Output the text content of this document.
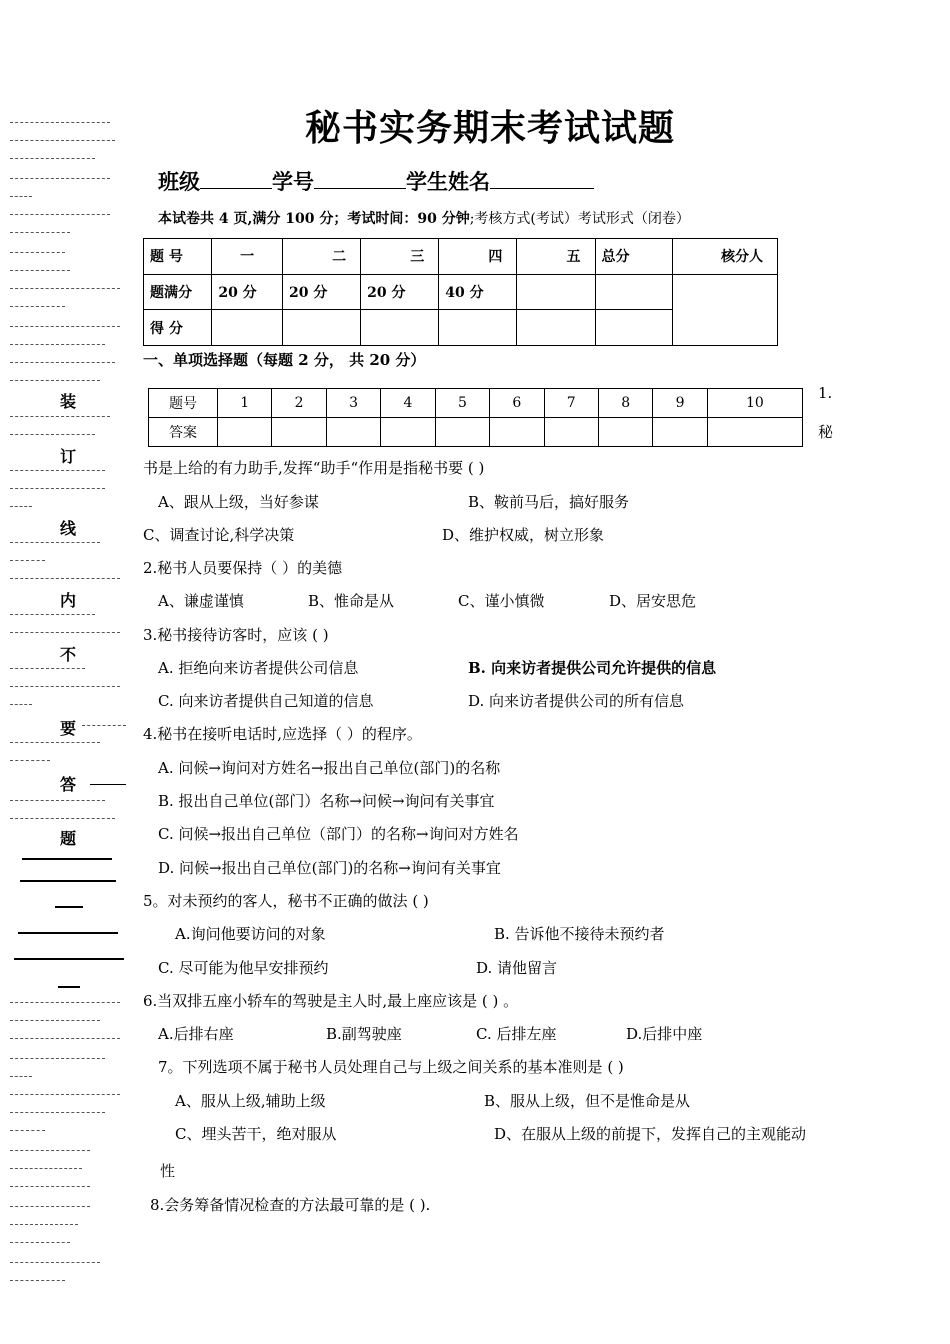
装
订
线
内
不
要
答
题
秘书实务期末考试试题
班级	学号	学生姓名
本试卷共 4 页,满分 100 分；考试时间：90 分钟;考核方式(考试）考试形式（闭卷）
题 号	一	二	三	四	五	总分	核分人
题满分	20 分	20 分	20 分	40 分			
得 分							
一、单项选择题（每题 2 分， 共 20 分）
题号	1	2	3	4	5	6	7	8	9	10
答案										
1.
秘
书是上给的有力助手,发挥“助手“作用是指秘书要 ( )
A、跟从上级，当好参谋	B、鞍前马后，搞好服务
C、调查讨论,科学决策	D、维护权威，树立形象
2.秘书人员要保持（ ）的美德
A、谦虚谨慎	B、惟命是从	C、谨小慎微	D、居安思危
3.秘书接待访客时，应该 ( )
A. 拒绝向来访者提供公司信息	B. 向来访者提供公司允许提供的信息
C. 向来访者提供自己知道的信息	D. 向来访者提供公司的所有信息
4.秘书在接听电话时,应选择（ ）的程序。
A. 问候→询问对方姓名→报出自己单位(部门)的名称
B. 报出自己单位(部门）名称→问候→询问有关事宜
C. 问候→报出自己单位（部门）的名称→询问对方姓名
D. 问候→报出自己单位(部门)的名称→询问有关事宜
5。对未预约的客人，秘书不正确的做法 ( )
A.询问他要访问的对象	B. 告诉他不接待未预约者
C. 尽可能为他早安排预约	D. 请他留言
6.当双排五座小轿车的驾驶是主人时,最上座应该是 ( ) 。
A.后排右座	B.副驾驶座	C. 后排左座	D.后排中座
7。下列选项不属于秘书人员处理自己与上级之间关系的基本准则是 ( )
A、服从上级,辅助上级	B、服从上级，但不是惟命是从
C、埋头苦干，绝对服从	D、在服从上级的前提下，发挥自己的主观能动
性
8.会务筹备情况检查的方法最可靠的是 ( ).
